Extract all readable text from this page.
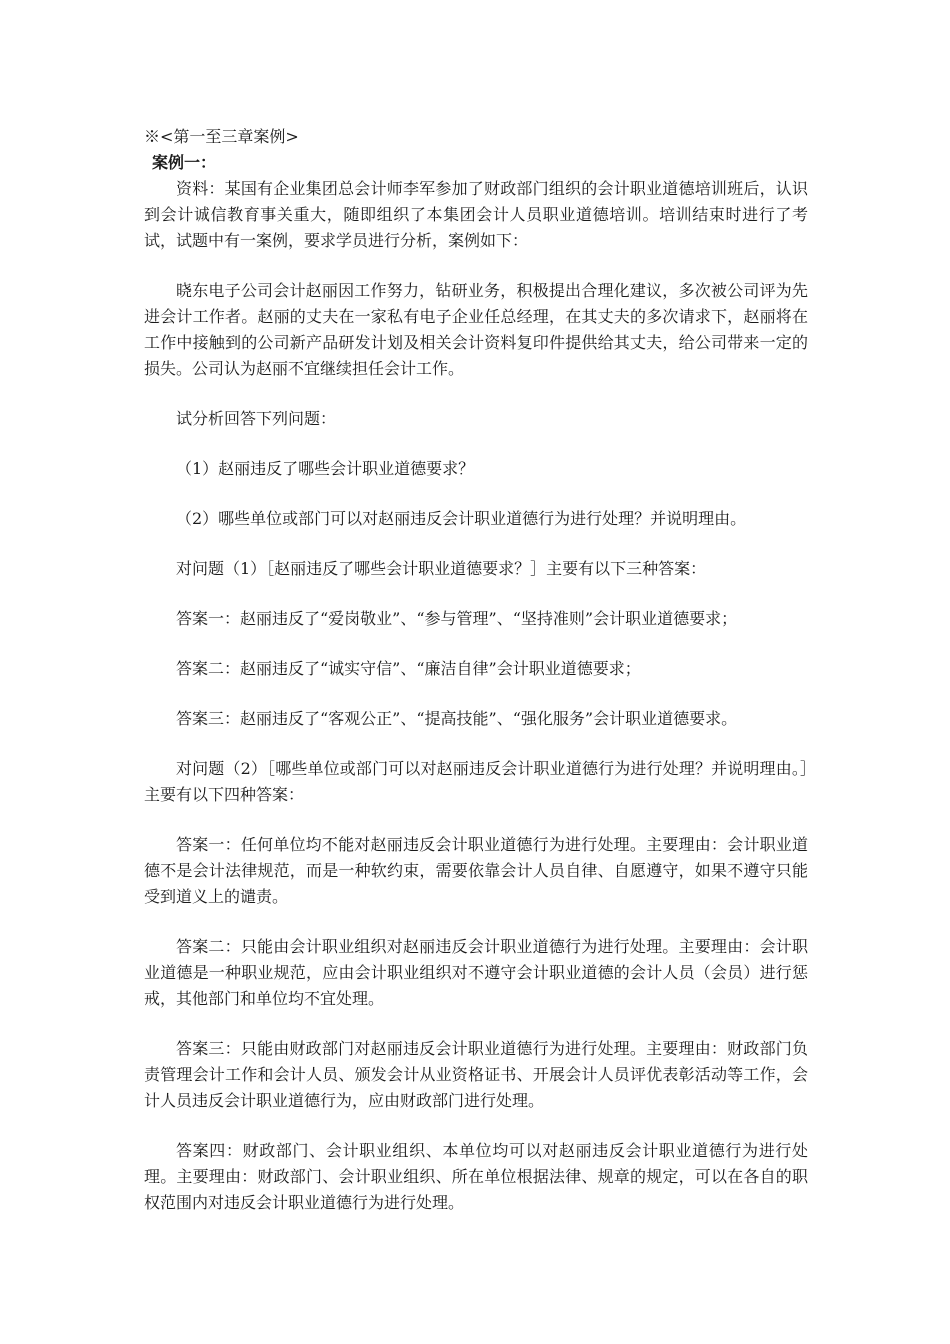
※<第一至三章案例>

案例一：

资料：某国有企业集团总会计师李军参加了财政部门组织的会计职业道德培训班后，认识到会计诚信教育事关重大，随即组织了本集团会计人员职业道德培训。培训结束时进行了考试，试题中有一案例，要求学员进行分析，案例如下：

晓东电子公司会计赵丽因工作努力，钻研业务，积极提出合理化建议，多次被公司评为先进会计工作者。赵丽的丈夫在一家私有电子企业任总经理，在其丈夫的多次请求下，赵丽将在工作中接触到的公司新产品研发计划及相关会计资料复印件提供给其丈夫，给公司带来一定的损失。公司认为赵丽不宜继续担任会计工作。

试分析回答下列问题：

（1）赵丽违反了哪些会计职业道德要求？

（2）哪些单位或部门可以对赵丽违反会计职业道德行为进行处理？并说明理由。

对问题（1）［赵丽违反了哪些会计职业道德要求？］主要有以下三种答案：

答案一：赵丽违反了“爱岗敬业”、“参与管理”、“坚持准则”会计职业道德要求；

答案二：赵丽违反了“诚实守信”、“廉洁自律”会计职业道德要求；

答案三：赵丽违反了“客观公正”、“提高技能”、“强化服务”会计职业道德要求。

对问题（2）［哪些单位或部门可以对赵丽违反会计职业道德行为进行处理？并说明理由。］主要有以下四种答案：

答案一：任何单位均不能对赵丽违反会计职业道德行为进行处理。主要理由：会计职业道德不是会计法律规范，而是一种软约束，需要依靠会计人员自律、自愿遵守，如果不遵守只能受到道义上的谴责。

答案二：只能由会计职业组织对赵丽违反会计职业道德行为进行处理。主要理由：会计职业道德是一种职业规范，应由会计职业组织对不遵守会计职业道德的会计人员（会员）进行惩戒，其他部门和单位均不宜处理。

答案三：只能由财政部门对赵丽违反会计职业道德行为进行处理。主要理由：财政部门负责管理会计工作和会计人员、颁发会计从业资格证书、开展会计人员评优表彰活动等工作，会计人员违反会计职业道德行为，应由财政部门进行处理。

答案四：财政部门、会计职业组织、本单位均可以对赵丽违反会计职业道德行为进行处理。主要理由：财政部门、会计职业组织、所在单位根据法律、规章的规定，可以在各自的职权范围内对违反会计职业道德行为进行处理。
